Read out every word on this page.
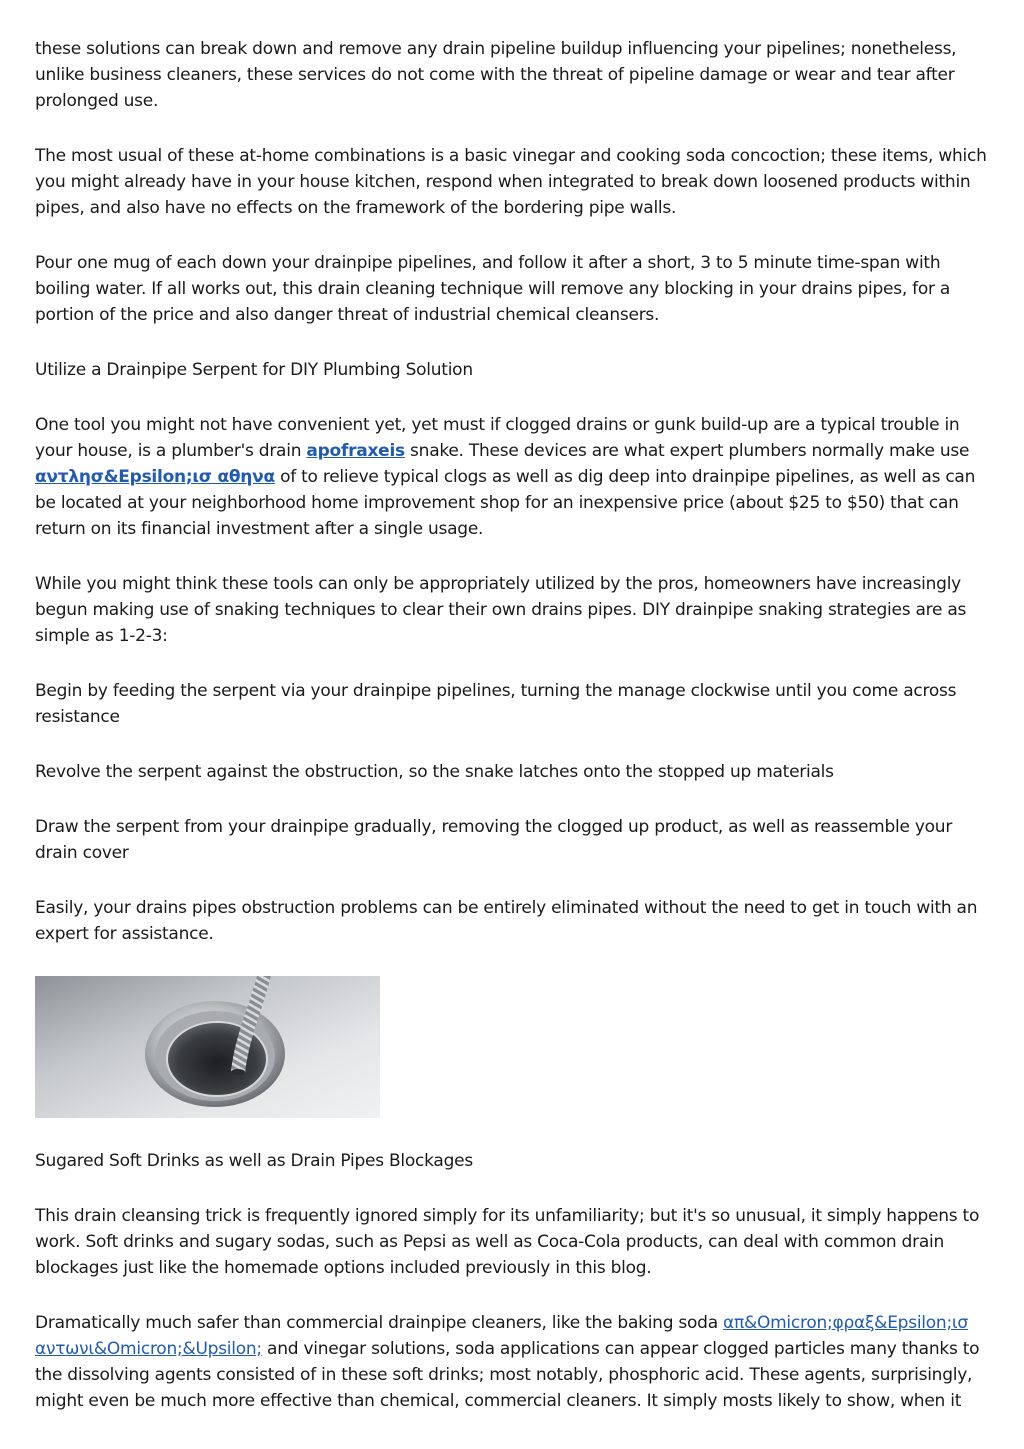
these solutions can break down and remove any drain pipeline buildup influencing your pipelines; nonetheless, unlike business cleaners, these services do not come with the threat of pipeline damage or wear and tear after prolonged use.

The most usual of these at-home combinations is a basic vinegar and cooking soda concoction; these items, which you might already have in your house kitchen, respond when integrated to break down loosened products within pipes, and also have no effects on the framework of the bordering pipe walls.

Pour one mug of each down your drainpipe pipelines, and follow it after a short, 3 to 5 minute time-span with boiling water. If all works out, this drain cleaning technique will remove any blocking in your drains pipes, for a portion of the price and also danger threat of industrial chemical cleansers.

Utilize a Drainpipe Serpent for DIY Plumbing Solution

One tool you might not have convenient yet, yet must if clogged drains or gunk build-up are a typical trouble in your house, is a plumber's drain apofraxeis snake. These devices are what expert plumbers normally make use αντλησ&Epsilon;ισ αθηνα of to relieve typical clogs as well as dig deep into drainpipe pipelines, as well as can be located at your neighborhood home improvement shop for an inexpensive price (about $25 to $50) that can return on its financial investment after a single usage.

While you might think these tools can only be appropriately utilized by the pros, homeowners have increasingly begun making use of snaking techniques to clear their own drains pipes. DIY drainpipe snaking strategies are as simple as 1-2-3:

Begin by feeding the serpent via your drainpipe pipelines, turning the manage clockwise until you come across resistance

Revolve the serpent against the obstruction, so the snake latches onto the stopped up materials

Draw the serpent from your drainpipe gradually, removing the clogged up product, as well as reassemble your drain cover

Easily, your drains pipes obstruction problems can be entirely eliminated without the need to get in touch with an expert for assistance.

Sugared Soft Drinks as well as Drain Pipes Blockages

This drain cleansing trick is frequently ignored simply for its unfamiliarity; but it's so unusual, it simply happens to work. Soft drinks and sugary sodas, such as Pepsi as well as Coca-Cola products, can deal with common drain blockages just like the homemade options included previously in this blog.

Dramatically much safer than commercial drainpipe cleaners, like the baking soda απ&Omicron;φραξ&Epsilon;ισ αντωνι&Omicron;&Upsilon; and vinegar solutions, soda applications can appear clogged particles many thanks to the dissolving agents consisted of in these soft drinks; most notably, phosphoric acid. These agents, surprisingly, might even be much more effective than chemical, commercial cleaners. It simply mosts likely to show, when it
